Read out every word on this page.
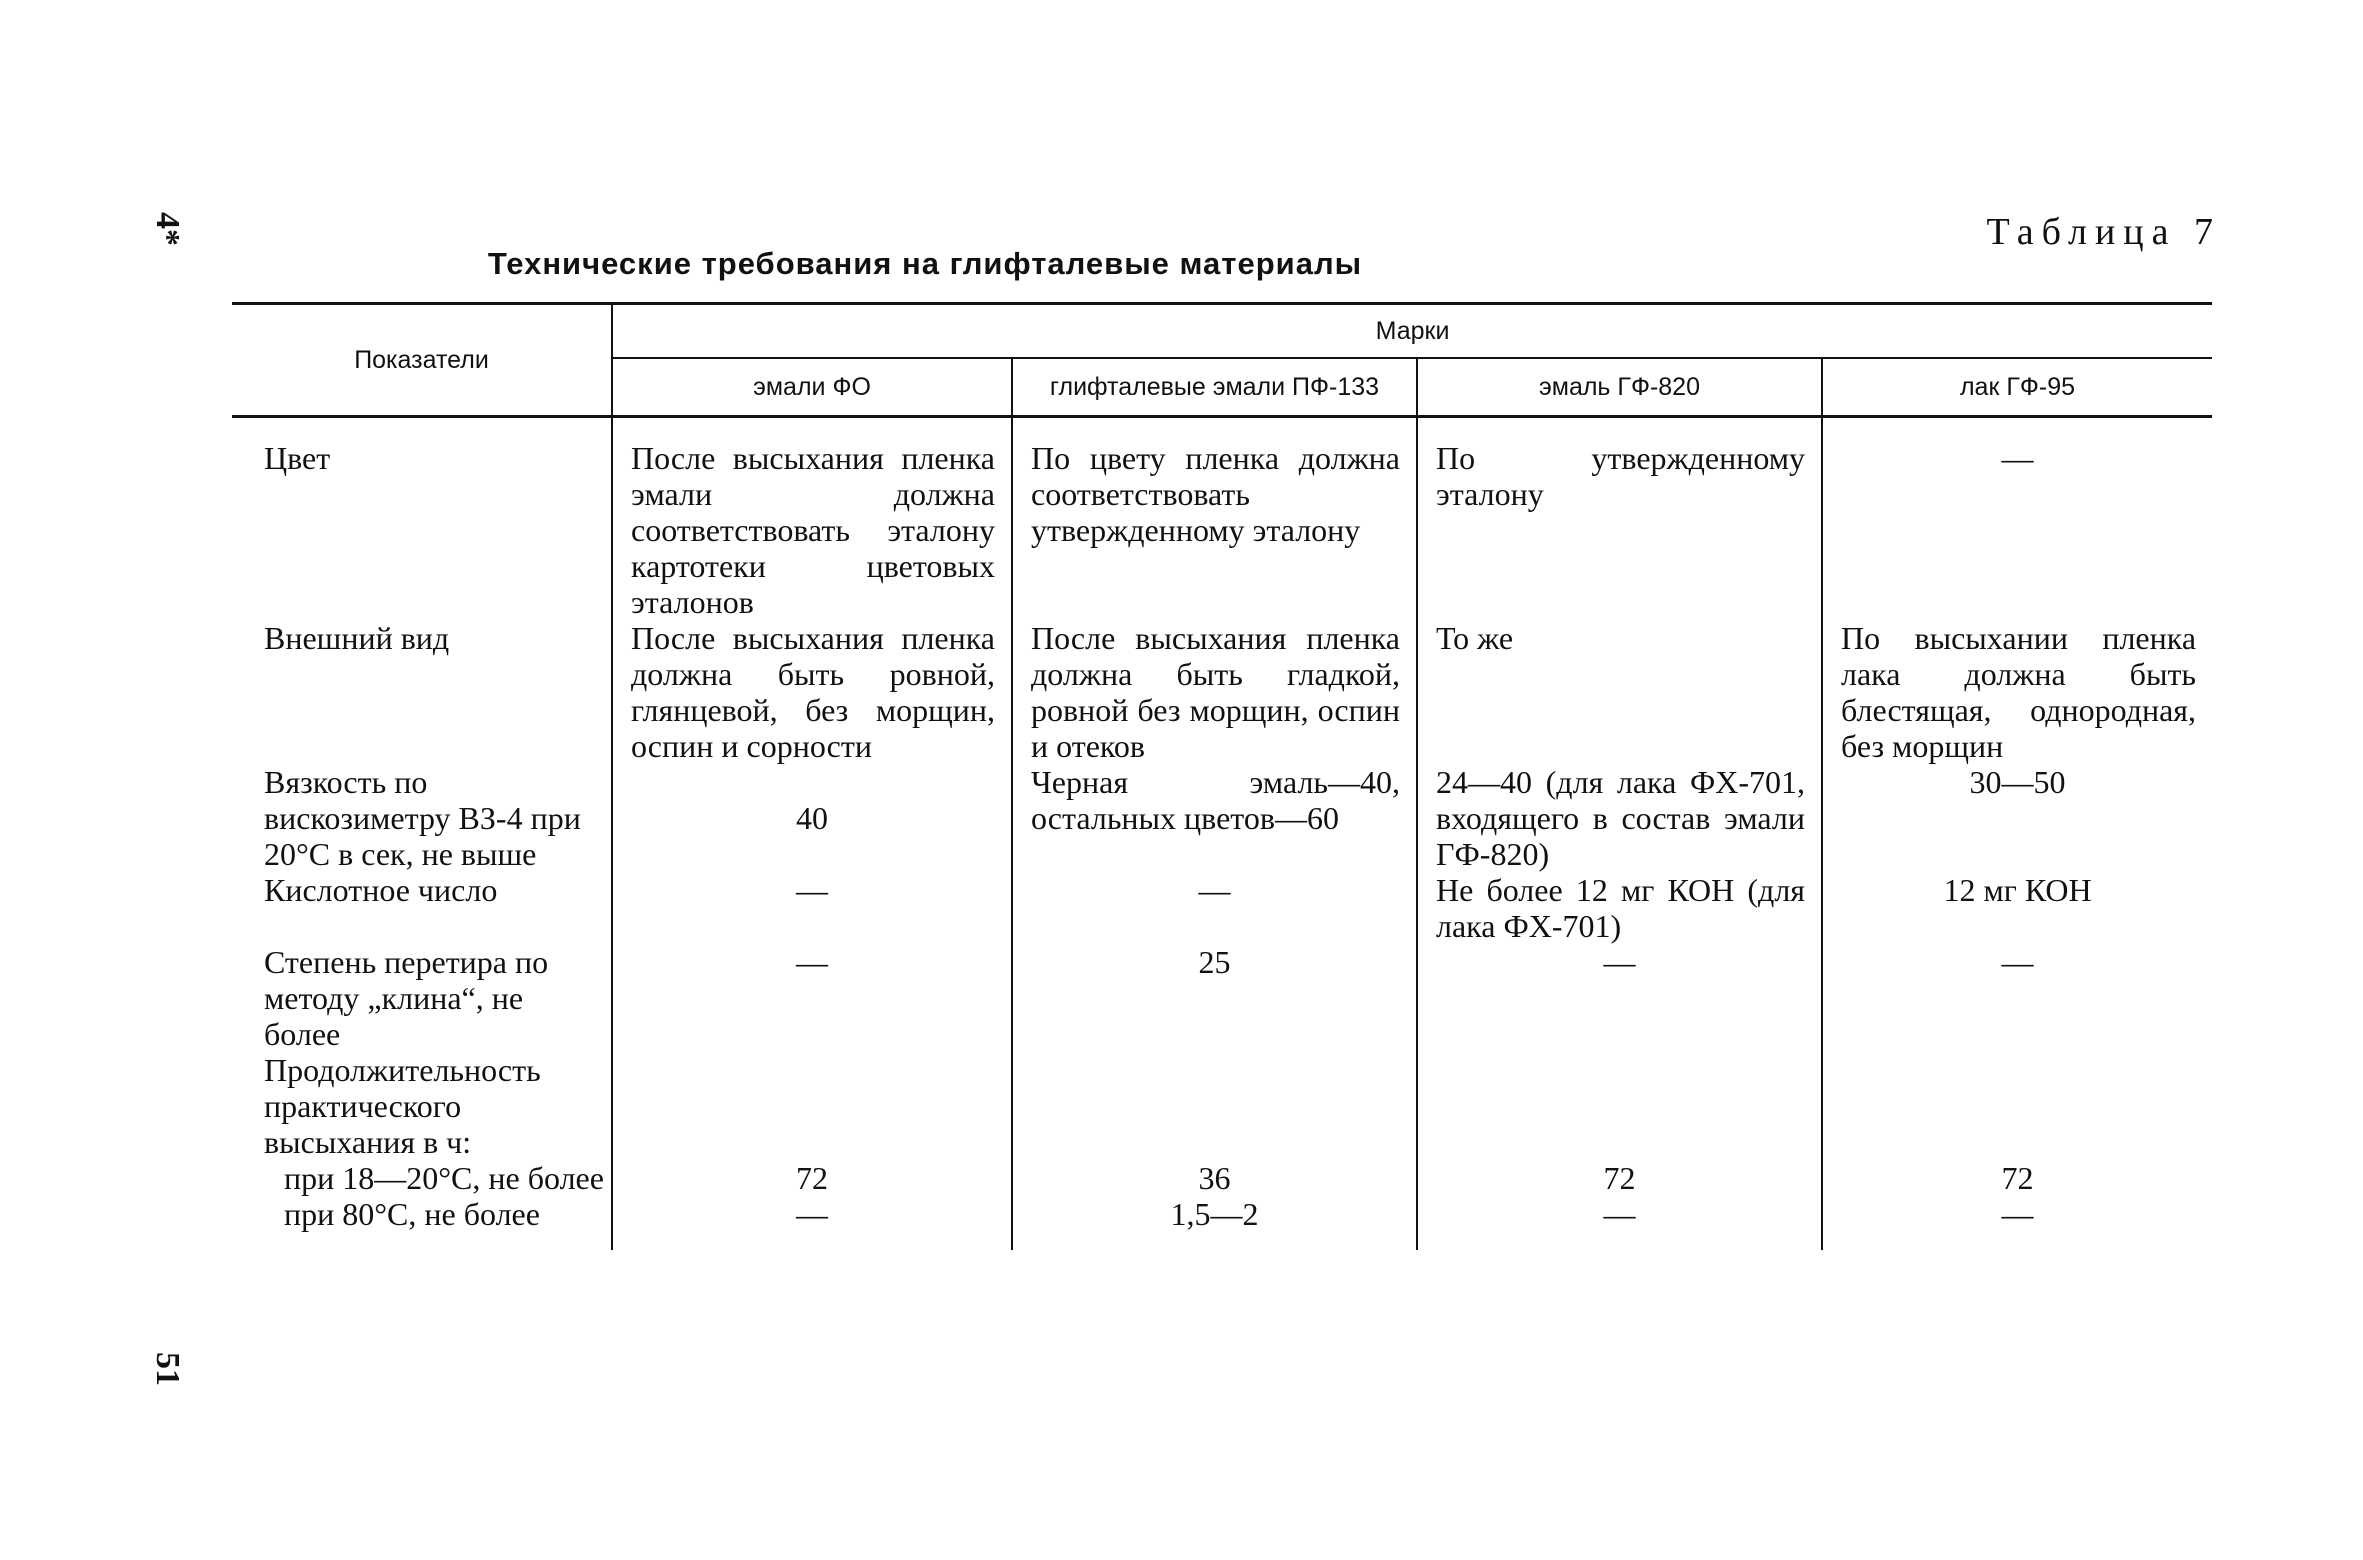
4*
51
Таблица 7
Технические требования на глифталевые материалы
Показатели	Марки			
	эмали ФО	глифталевые эмали ПФ-133	эмаль ГФ-820	лак ГФ-95
Цвет	После высыхания пленка эмали должна соответствовать эталону картотеки цветовых эталонов	По цвету пленка должна соответствовать утвержденному эталону	По утвержденному эталону	—
Внешний вид	После высыхания пленка должна быть ровной, глянцевой, без морщин, оспин и сорности	После высыхания пленка должна быть гладкой, ровной без морщин, оспин и отеков	То же	По высыхании пленка лака должна быть блестящая, однородная, без морщин
Вязкость по вискозиметру ВЗ-4 при 20°С в сек, не выше	40	Черная эмаль—40, остальных цветов—60	24—40 (для лака ФХ-701, входящего в состав эмали ГФ-820)	30—50
Кислотное число	—	—	Не более 12 мг КОН (для лака ФХ-701)	12 мг КОН
Степень перетира по методу „клина“, не более	—	25	—	—
Продолжительность практического высыхания в ч:				

при 18—20°С, не более	72	36	72	72
при 80°С, не более	—	1,5—2	—	—
